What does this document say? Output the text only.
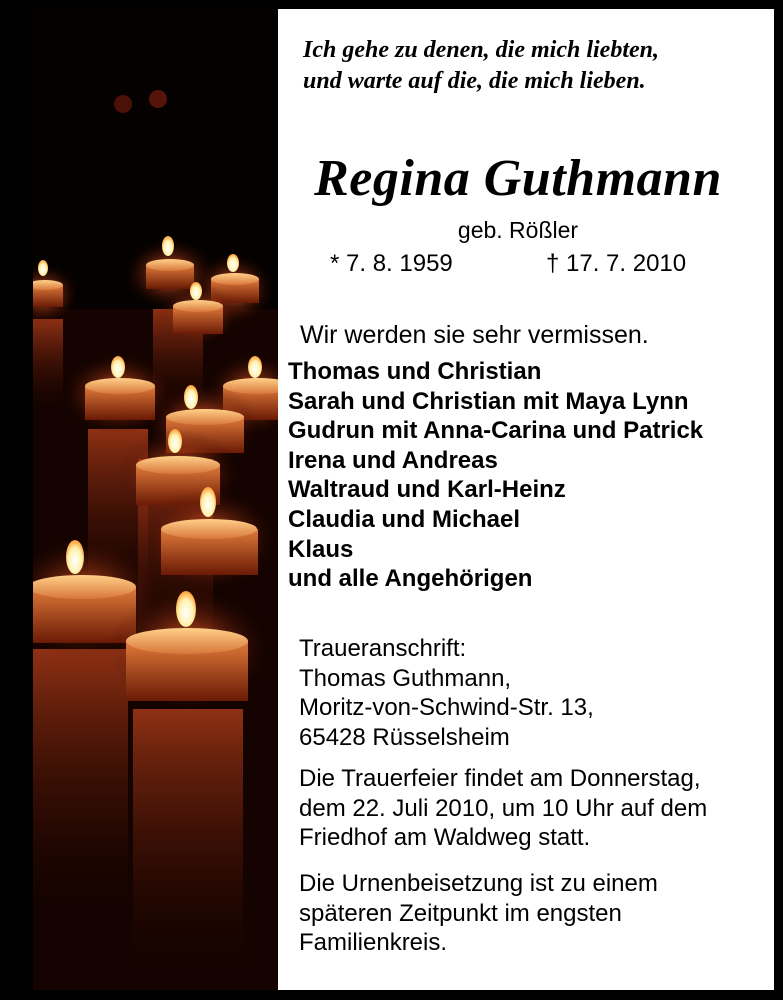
Ich gehe zu denen, die mich liebten,
und warte auf die, die mich lieben.

Regina Guthmann
geb. Rößler
* 7. 8. 1959	† 17. 7. 2010
Wir werden sie sehr vermissen.
Thomas und Christian
Sarah und Christian mit Maya Lynn
Gudrun mit Anna-Carina und Patrick
Irena und Andreas
Waltraud und Karl-Heinz
Claudia und Michael
Klaus
und alle Angehörigen
Traueranschrift:
Thomas Guthmann,
Moritz-von-Schwind-Str. 13,
65428 Rüsselsheim
Die Trauerfeier findet am Donnerstag,
dem 22. Juli 2010, um 10 Uhr auf dem
Friedhof am Waldweg statt.
Die Urnenbeisetzung ist zu einem
späteren Zeitpunkt im engsten
Familienkreis.
